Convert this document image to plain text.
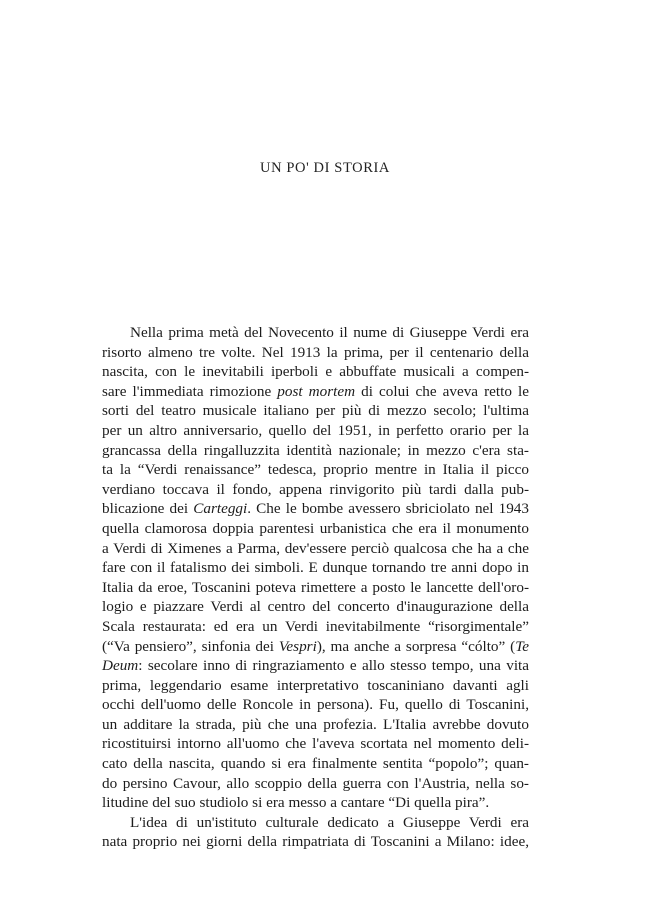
UN PO' DI STORIA
Nella prima metà del Novecento il nume di Giuseppe Verdi era
risorto almeno tre volte. Nel 1913 la prima, per il centenario della
nascita, con le inevitabili iperboli e abbuffate musicali a compen-
sare l'immediata rimozione post mortem di colui che aveva retto le
sorti del teatro musicale italiano per più di mezzo secolo; l'ultima
per un altro anniversario, quello del 1951, in perfetto orario per la
grancassa della ringalluzzita identità nazionale; in mezzo c'era sta-
ta la “Verdi renaissance” tedesca, proprio mentre in Italia il picco
verdiano toccava il fondo, appena rinvigorito più tardi dalla pub-
blicazione dei Carteggi. Che le bombe avessero sbriciolato nel 1943
quella clamorosa doppia parentesi urbanistica che era il monumento
a Verdi di Ximenes a Parma, dev'essere perciò qualcosa che ha a che
fare con il fatalismo dei simboli. E dunque tornando tre anni dopo in
Italia da eroe, Toscanini poteva rimettere a posto le lancette dell'oro-
logio e piazzare Verdi al centro del concerto d'inaugurazione della
Scala restaurata: ed era un Verdi inevitabilmente “risorgimentale”
(“Va pensiero”, sinfonia dei Vespri), ma anche a sorpresa “cólto” (Te
Deum: secolare inno di ringraziamento e allo stesso tempo, una vita
prima, leggendario esame interpretativo toscaniniano davanti agli
occhi dell'uomo delle Roncole in persona). Fu, quello di Toscanini,
un additare la strada, più che una profezia. L'Italia avrebbe dovuto
ricostituirsi intorno all'uomo che l'aveva scortata nel momento deli-
cato della nascita, quando si era finalmente sentita “popolo”; quan-
do persino Cavour, allo scoppio della guerra con l'Austria, nella so-
litudine del suo studiolo si era messo a cantare “Di quella pira”.
L'idea di un'istituto culturale dedicato a Giuseppe Verdi era
nata proprio nei giorni della rimpatriata di Toscanini a Milano: idee,
